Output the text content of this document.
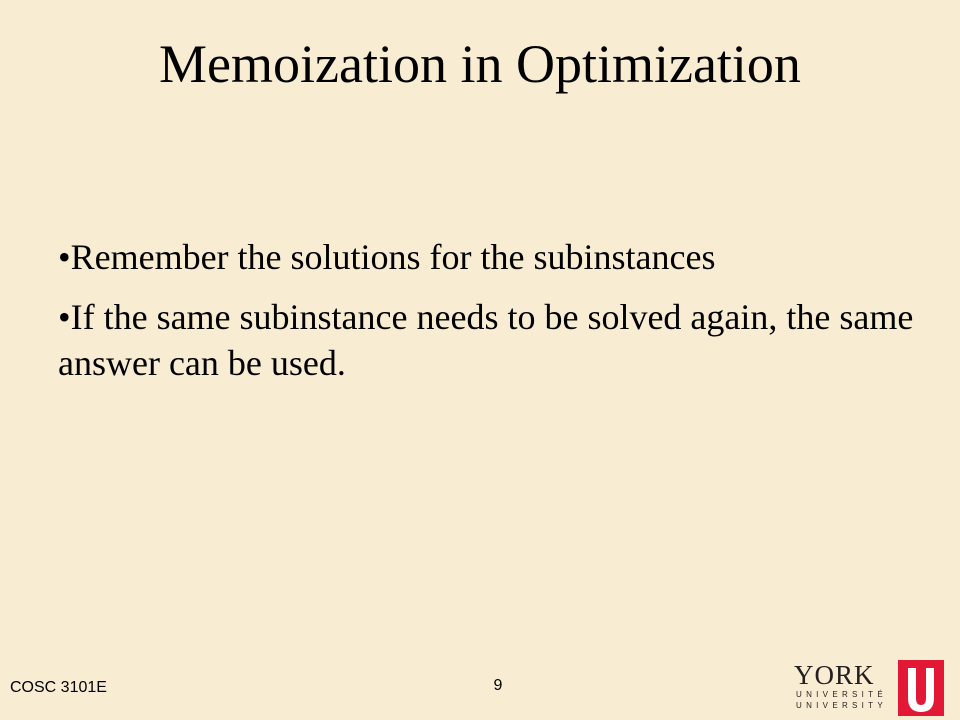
Memoization in Optimization
•Remember the solutions for the subinstances
•If the same subinstance needs to be solved again, the same answer can be used.
COSC 3101E	9	YORK
UNIVERSITÉ
UNIVERSITY
